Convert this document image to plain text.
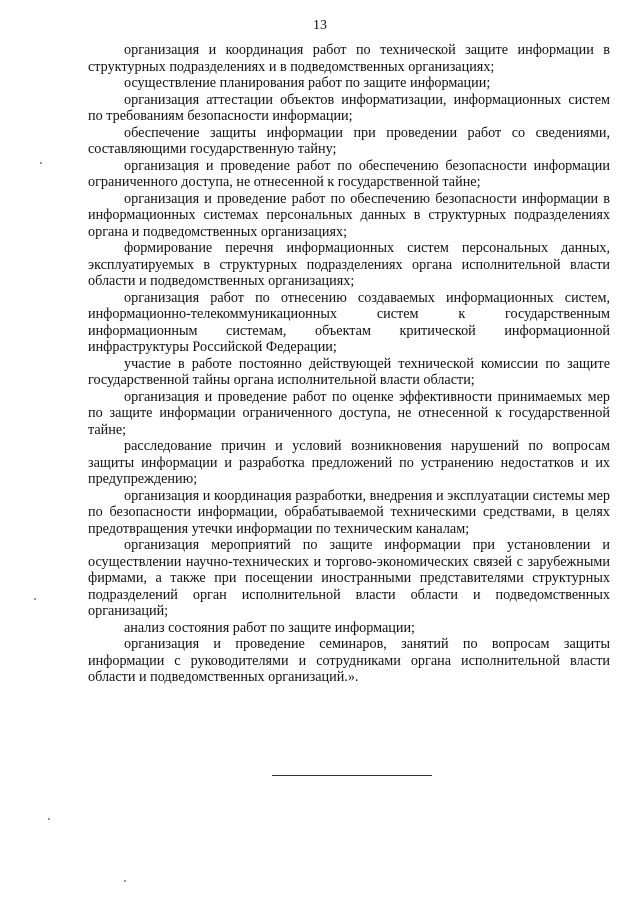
13

организация и координация работ по технической защите информации в структурных подразделениях и в подведомственных организациях;

осуществление планирования работ по защите информации;

организация аттестации объектов информатизации, информационных систем по требованиям безопасности информации;

обеспечение защиты информации при проведении работ со сведениями, составляющими государственную тайну;

организация и проведение работ по обеспечению безопасности информации ограниченного доступа, не отнесенной к государственной тайне;

организация и проведение работ по обеспечению безопасности информации в информационных системах персональных данных в структурных подразделениях органа и подведомственных организациях;

формирование перечня информационных систем персональных данных, эксплуатируемых в структурных подразделениях органа исполнительной власти области и подведомственных организациях;

организация работ по отнесению создаваемых информационных систем, информационно-телекоммуникационных систем к государственным информационным системам, объектам критической информационной инфраструктуры Российской Федерации;

участие в работе постоянно действующей технической комиссии по защите государственной тайны органа исполнительной власти области;

организация и проведение работ по оценке эффективности принимаемых мер по защите информации ограниченного доступа, не отнесенной к государственной тайне;

расследование причин и условий возникновения нарушений по вопросам защиты информации и разработка предложений по устранению недостатков и их предупреждению;

организация и координация разработки, внедрения и эксплуатации системы мер по безопасности информации, обрабатываемой техническими средствами, в целях предотвращения утечки информации по техническим каналам;

организация мероприятий по защите информации при установлении и осуществлении научно-технических и торгово-экономических связей с зарубежными фирмами, а также при посещении иностранными представителями структурных подразделений орган исполнительной власти области и подведомственных организаций;

анализ состояния работ по защите информации;

организация и проведение семинаров, занятий по вопросам защиты информации с руководителями и сотрудниками органа исполнительной власти области и подведомственных организаций.».
